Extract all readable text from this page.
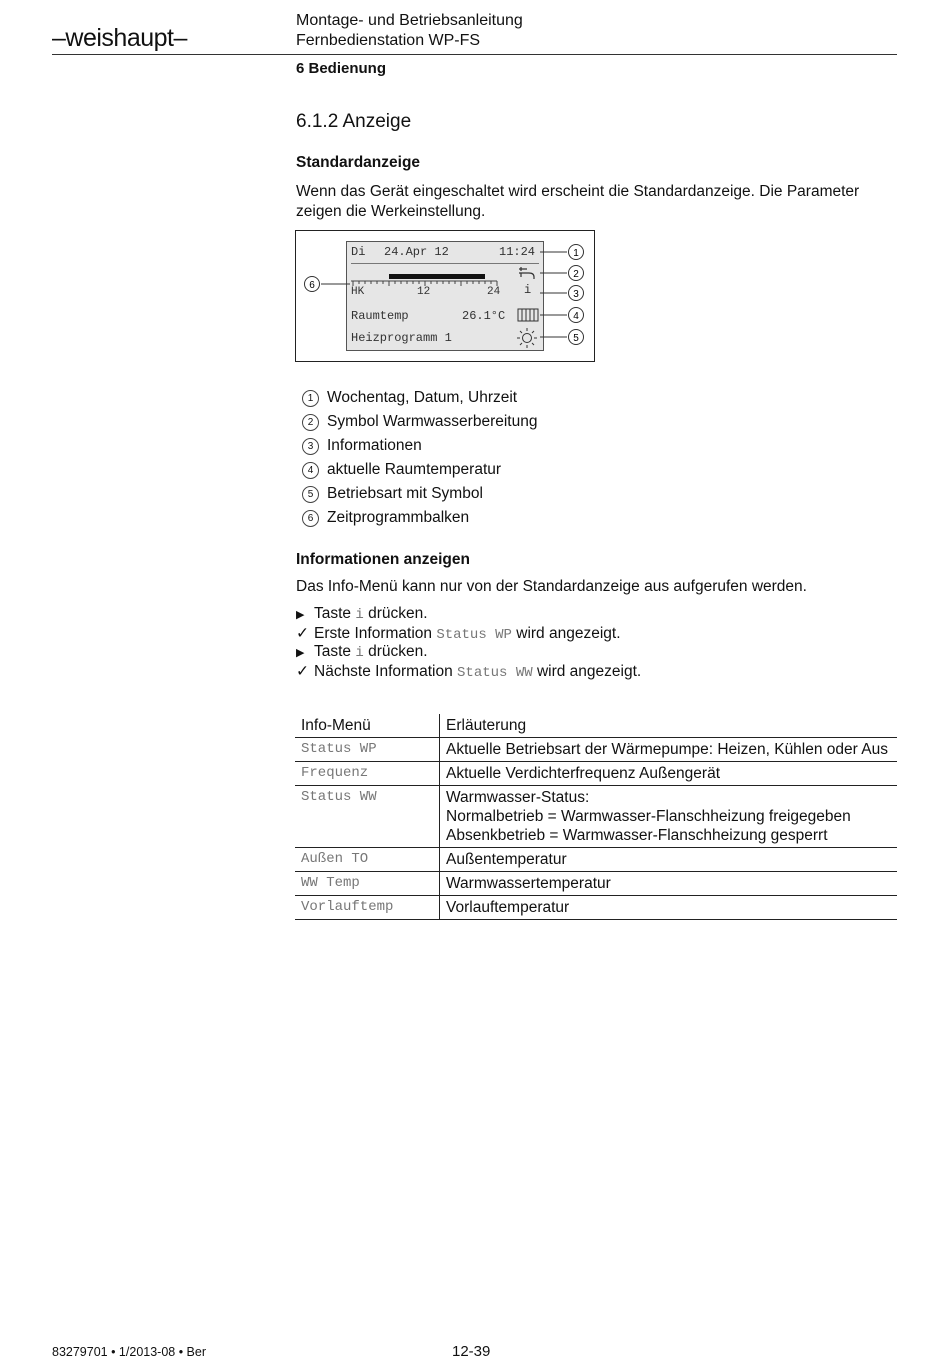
–weishaupt–
Montage- und Betriebsanleitung
Fernbedienstation WP-FS
6 Bedienung
6.1.2 Anzeige
Standardanzeige
Wenn das Gerät eingeschaltet wird erscheint die Standardanzeige. Die Parameter zeigen die Werkeinstellung.
Di 24.Apr 12	11:24
HK	12	24 i
Raumtemp	26.1°C
Heizprogramm 1
1
2
3
4
5
6
1 Wochentag, Datum, Uhrzeit
2 Symbol Warmwasserbereitung
3 Informationen
4 aktuelle Raumtemperatur
5 Betriebsart mit Symbol
6 Zeitprogrammbalken
Informationen anzeigen
Das Info-Menü kann nur von der Standardanzeige aus aufgerufen werden.
▶ Taste i drücken.
✓ Erste Information Status WP wird angezeigt.
▶ Taste i drücken.
✓ Nächste Information Status WW wird angezeigt.
Info-Menü	Erläuterung
Status WP	Aktuelle Betriebsart der Wärmepumpe: Heizen, Kühlen oder Aus

Frequenz	Aktuelle Verdichterfrequenz Außengerät

Status WW	Warmwasser-Status:
Normalbetrieb = Warmwasser-Flanschheizung freigegeben
Absenkbetrieb = Warmwasser-Flanschheizung gesperrt

Außen TO	Außentemperatur

WW Temp	Warmwassertemperatur

Vorlauftemp	Vorlauftemperatur
83279701 • 1/2013-08 • Ber	12-39
